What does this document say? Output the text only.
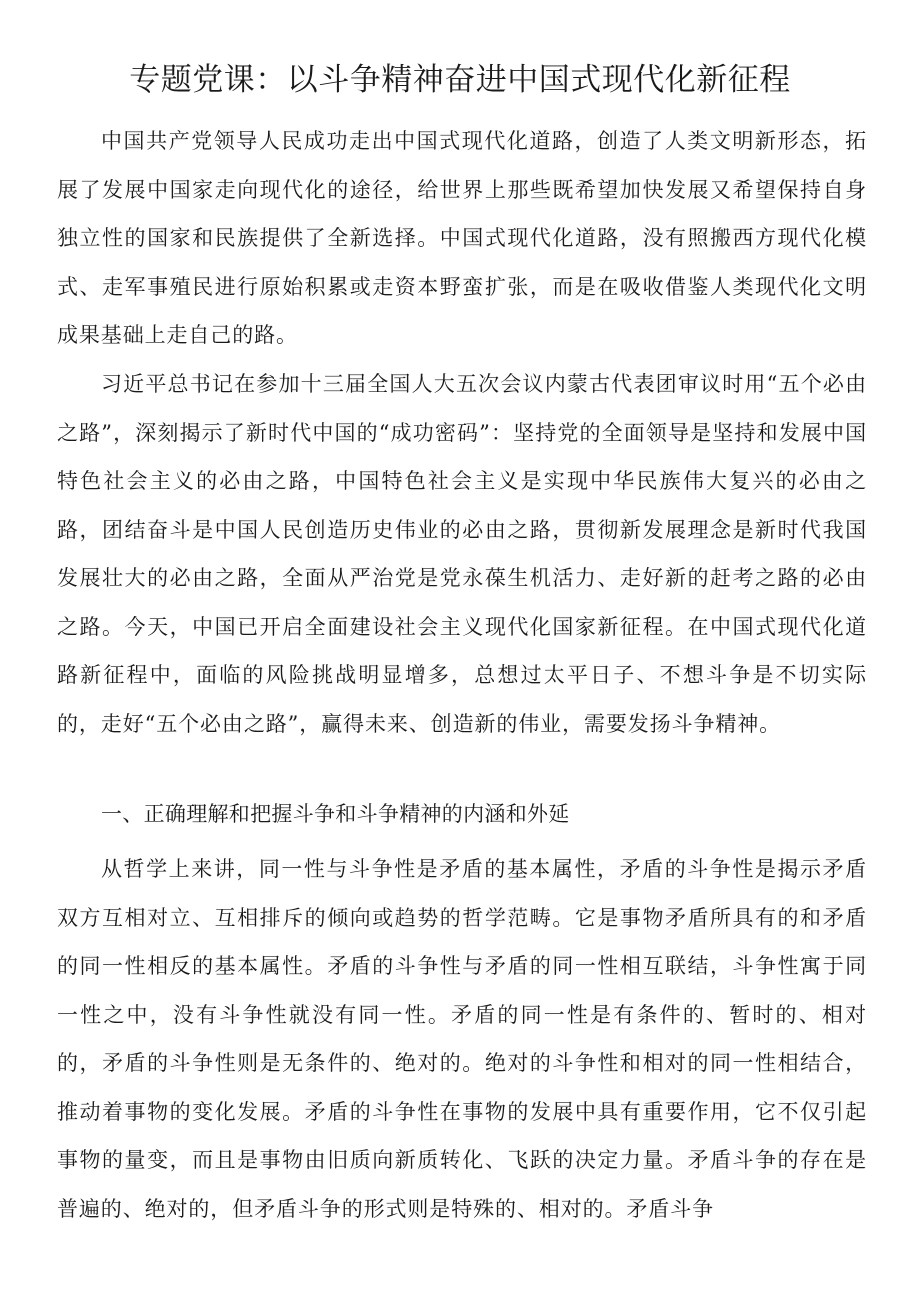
专题党课：以斗争精神奋进中国式现代化新征程

中国共产党领导人民成功走出中国式现代化道路，创造了人类文明新形态，拓展了发展中国家走向现代化的途径，给世界上那些既希望加快发展又希望保持自身独立性的国家和民族提供了全新选择。中国式现代化道路，没有照搬西方现代化模式、走军事殖民进行原始积累或走资本野蛮扩张，而是在吸收借鉴人类现代化文明成果基础上走自己的路。

习近平总书记在参加十三届全国人大五次会议内蒙古代表团审议时用“五个必由之路”，深刻揭示了新时代中国的“成功密码”：坚持党的全面领导是坚持和发展中国特色社会主义的必由之路，中国特色社会主义是实现中华民族伟大复兴的必由之路，团结奋斗是中国人民创造历史伟业的必由之路，贯彻新发展理念是新时代我国发展壮大的必由之路，全面从严治党是党永葆生机活力、走好新的赶考之路的必由之路。今天，中国已开启全面建设社会主义现代化国家新征程。在中国式现代化道路新征程中，面临的风险挑战明显增多，总想过太平日子、不想斗争是不切实际的，走好“五个必由之路”，赢得未来、创造新的伟业，需要发扬斗争精神。

一、正确理解和把握斗争和斗争精神的内涵和外延

从哲学上来讲，同一性与斗争性是矛盾的基本属性，矛盾的斗争性是揭示矛盾双方互相对立、互相排斥的倾向或趋势的哲学范畴。它是事物矛盾所具有的和矛盾的同一性相反的基本属性。矛盾的斗争性与矛盾的同一性相互联结，斗争性寓于同一性之中，没有斗争性就没有同一性。矛盾的同一性是有条件的、暂时的、相对的，矛盾的斗争性则是无条件的、绝对的。绝对的斗争性和相对的同一性相结合，推动着事物的变化发展。矛盾的斗争性在事物的发展中具有重要作用，它不仅引起事物的量变，而且是事物由旧质向新质转化、飞跃的决定力量。矛盾斗争的存在是普遍的、绝对的，但矛盾斗争的形式则是特殊的、相对的。矛盾斗争
